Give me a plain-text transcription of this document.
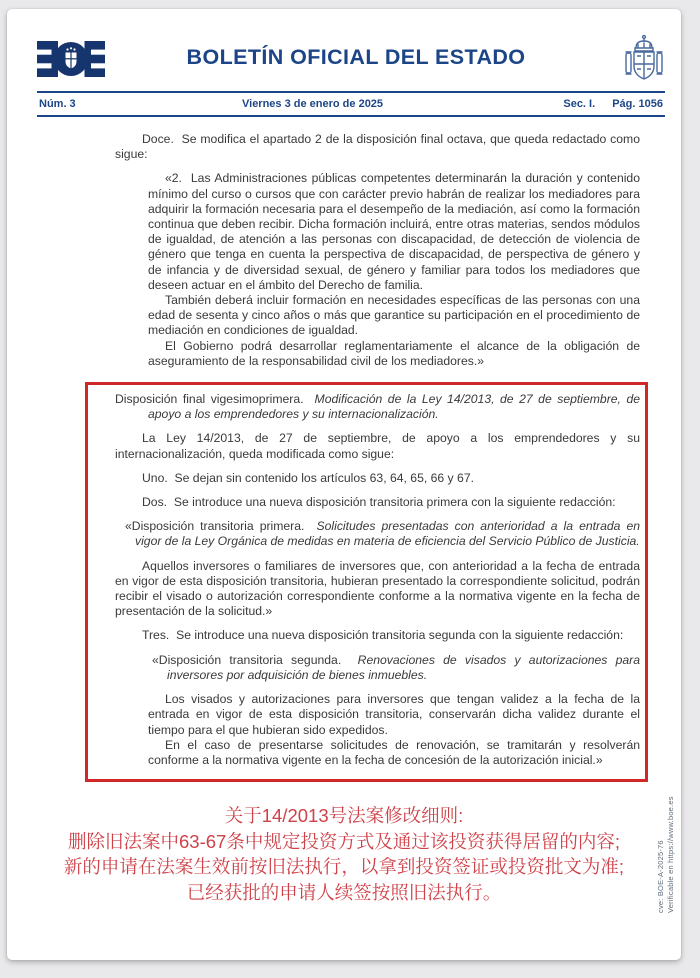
BOLETÍN OFICIAL DEL ESTADO
Núm. 3	Viernes 3 de enero de 2025	Sec. I. Pág. 1056

Doce.  Se modifica el apartado 2 de la disposición final octava, que queda redactado como sigue:

«2.  Las Administraciones públicas competentes determinarán la duración y contenido mínimo del curso o cursos que con carácter previo habrán de realizar los mediadores para adquirir la formación necesaria para el desempeño de la mediación, así como la formación continua que deben recibir. Dicha formación incluirá, entre otras materias, sendos módulos de igualdad, de atención a las personas con discapacidad, de detección de violencia de género que tenga en cuenta la perspectiva de discapacidad, de perspectiva de género y de infancia y de diversidad sexual, de género y familiar para todos los mediadores que deseen actuar en el ámbito del Derecho de familia.

También deberá incluir formación en necesidades específicas de las personas con una edad de sesenta y cinco años o más que garantice su participación en el procedimiento de mediación en condiciones de igualdad.

El Gobierno podrá desarrollar reglamentariamente el alcance de la obligación de aseguramiento de la responsabilidad civil de los mediadores.»

Disposición final vigesimoprimera.  Modificación de la Ley 14/2013, de 27 de septiembre, de apoyo a los emprendedores y su internacionalización.

La Ley 14/2013, de 27 de septiembre, de apoyo a los emprendedores y su internacionalización, queda modificada como sigue:

Uno.  Se dejan sin contenido los artículos 63, 64, 65, 66 y 67.

Dos.  Se introduce una nueva disposición transitoria primera con la siguiente redacción:

«Disposición transitoria primera.  Solicitudes presentadas con anterioridad a la entrada en vigor de la Ley Orgánica de medidas en materia de eficiencia del Servicio Público de Justicia.

Aquellos inversores o familiares de inversores que, con anterioridad a la fecha de entrada en vigor de esta disposición transitoria, hubieran presentado la correspondiente solicitud, podrán recibir el visado o autorización correspondiente conforme a la normativa vigente en la fecha de presentación de la solicitud.»

Tres.  Se introduce una nueva disposición transitoria segunda con la siguiente redacción:

«Disposición transitoria segunda.  Renovaciones de visados y autorizaciones para inversores por adquisición de bienes inmuebles.

Los visados y autorizaciones para inversores que tengan validez a la fecha de la entrada en vigor de esta disposición transitoria, conservarán dicha validez durante el tiempo para el que hubieran sido expedidos.

En el caso de presentarse solicitudes de renovación, se tramitarán y resolverán conforme a la normativa vigente en la fecha de concesión de la autorización inicial.»

关于14/2013号法案修改细则:
删除旧法案中63-67条中规定投资方式及通过该投资获得居留的内容;
新的申请在法案生效前按旧法执行，以拿到投资签证或投资批文为准;
已经获批的申请人续签按照旧法执行。	cve: BOE-A-2025-76 Verificable en https://www.boe.es
